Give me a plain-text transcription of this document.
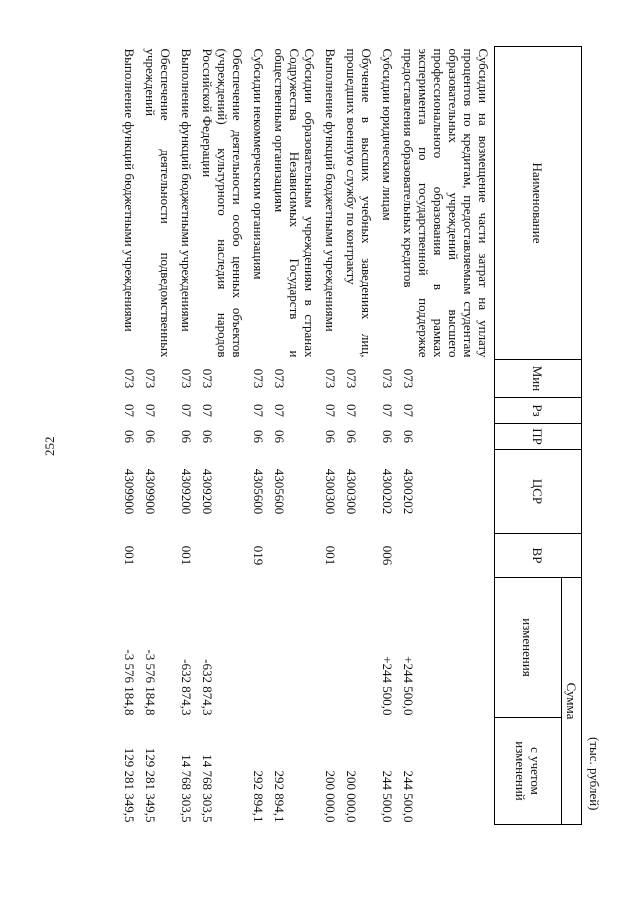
252
(тыс. рублей)
Наименование	Мин	Рз	ПР	ЦСР	ВР	Сумма	
						изменения	с учетом изменений
Субсидии на возмещение части затрат на уплату процентов по кредитам, предоставляемым студентам образовательных учреждений высшего профессионального образования в рамках эксперимента по государственной поддержке предоставления образовательных кредитов	073	07	06	4300202		+244 500,0	244 500,0
Субсидии юридическим лицам	073	07	06	4300202	006	+244 500,0	244 500,0
Обучение в высших учебных заведениях лиц, прошедших военную службу по контракту	073	07	06	4300300			200 000,0
Выполнение функций бюджетными учреждениями	073	07	06	4300300	001		200 000,0
Субсидии образовательным учреждениям в странах Содружества Независимых Государств и общественным организациям	073	07	06	4305600			292 894,1
Субсидии некоммерческим организациям	073	07	06	4305600	019		292 894,1
Обеспечение деятельности особо ценных объектов (учреждений) культурного наследия народов Российской Федерации	073	07	06	4309200		-632 874,3	14 768 303,5
Выполнение функций бюджетными учреждениями	073	07	06	4309200	001	-632 874,3	14 768 303,5
Обеспечение деятельности подведомственных учреждений	073	07	06	4309900		-3 576 184,8	129 281 349,5
Выполнение функций бюджетными учреждениями	073	07	06	4309900	001	-3 576 184,8	129 281 349,5
